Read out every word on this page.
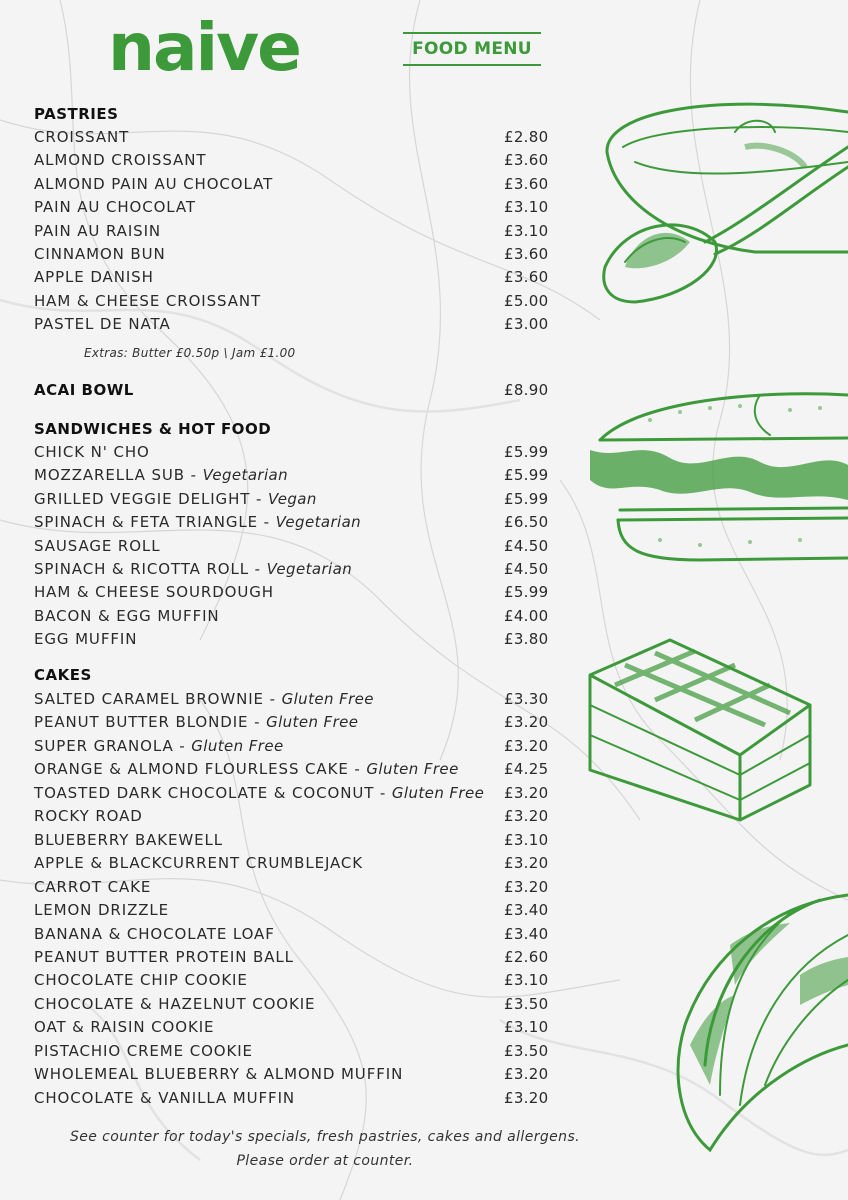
naive	FOOD MENU
PASTRIES
CROISSANT	£2.80
ALMOND CROISSANT	£3.60
ALMOND PAIN AU CHOCOLAT	£3.60
PAIN AU CHOCOLAT	£3.10
PAIN AU RAISIN	£3.10
CINNAMON BUN	£3.60
APPLE DANISH	£3.60
HAM & CHEESE CROISSANT	£5.00
PASTEL DE NATA	£3.00
Extras: Butter £0.50p \ Jam £1.00
ACAI BOWL	£8.90
SANDWICHES & HOT FOOD
CHICK N' CHO	£5.99
MOZZARELLA SUB - Vegetarian	£5.99
GRILLED VEGGIE DELIGHT - Vegan	£5.99
SPINACH & FETA TRIANGLE - Vegetarian	£6.50
SAUSAGE ROLL	£4.50
SPINACH & RICOTTA ROLL - Vegetarian	£4.50
HAM & CHEESE SOURDOUGH	£5.99
BACON & EGG MUFFIN	£4.00
EGG MUFFIN	£3.80
CAKES
SALTED CARAMEL BROWNIE - Gluten Free	£3.30
PEANUT BUTTER BLONDIE - Gluten Free	£3.20
SUPER GRANOLA - Gluten Free	£3.20
ORANGE & ALMOND FLOURLESS CAKE - Gluten Free	£4.25
TOASTED DARK CHOCOLATE & COCONUT - Gluten Free £3.20
ROCKY ROAD	£3.20
BLUEBERRY BAKEWELL	£3.10
APPLE & BLACKCURRENT CRUMBLEJACK	£3.20
CARROT CAKE	£3.20
LEMON DRIZZLE	£3.40
BANANA & CHOCOLATE LOAF	£3.40
PEANUT BUTTER PROTEIN BALL	£2.60
CHOCOLATE CHIP COOKIE	£3.10
CHOCOLATE & HAZELNUT COOKIE	£3.50
OAT & RAISIN COOKIE	£3.10
PISTACHIO CREME COOKIE	£3.50
WHOLEMEAL BLUEBERRY & ALMOND MUFFIN	£3.20
CHOCOLATE & VANILLA MUFFIN	£3.20
See counter for today's specials, fresh pastries, cakes and allergens.
Please order at counter.
